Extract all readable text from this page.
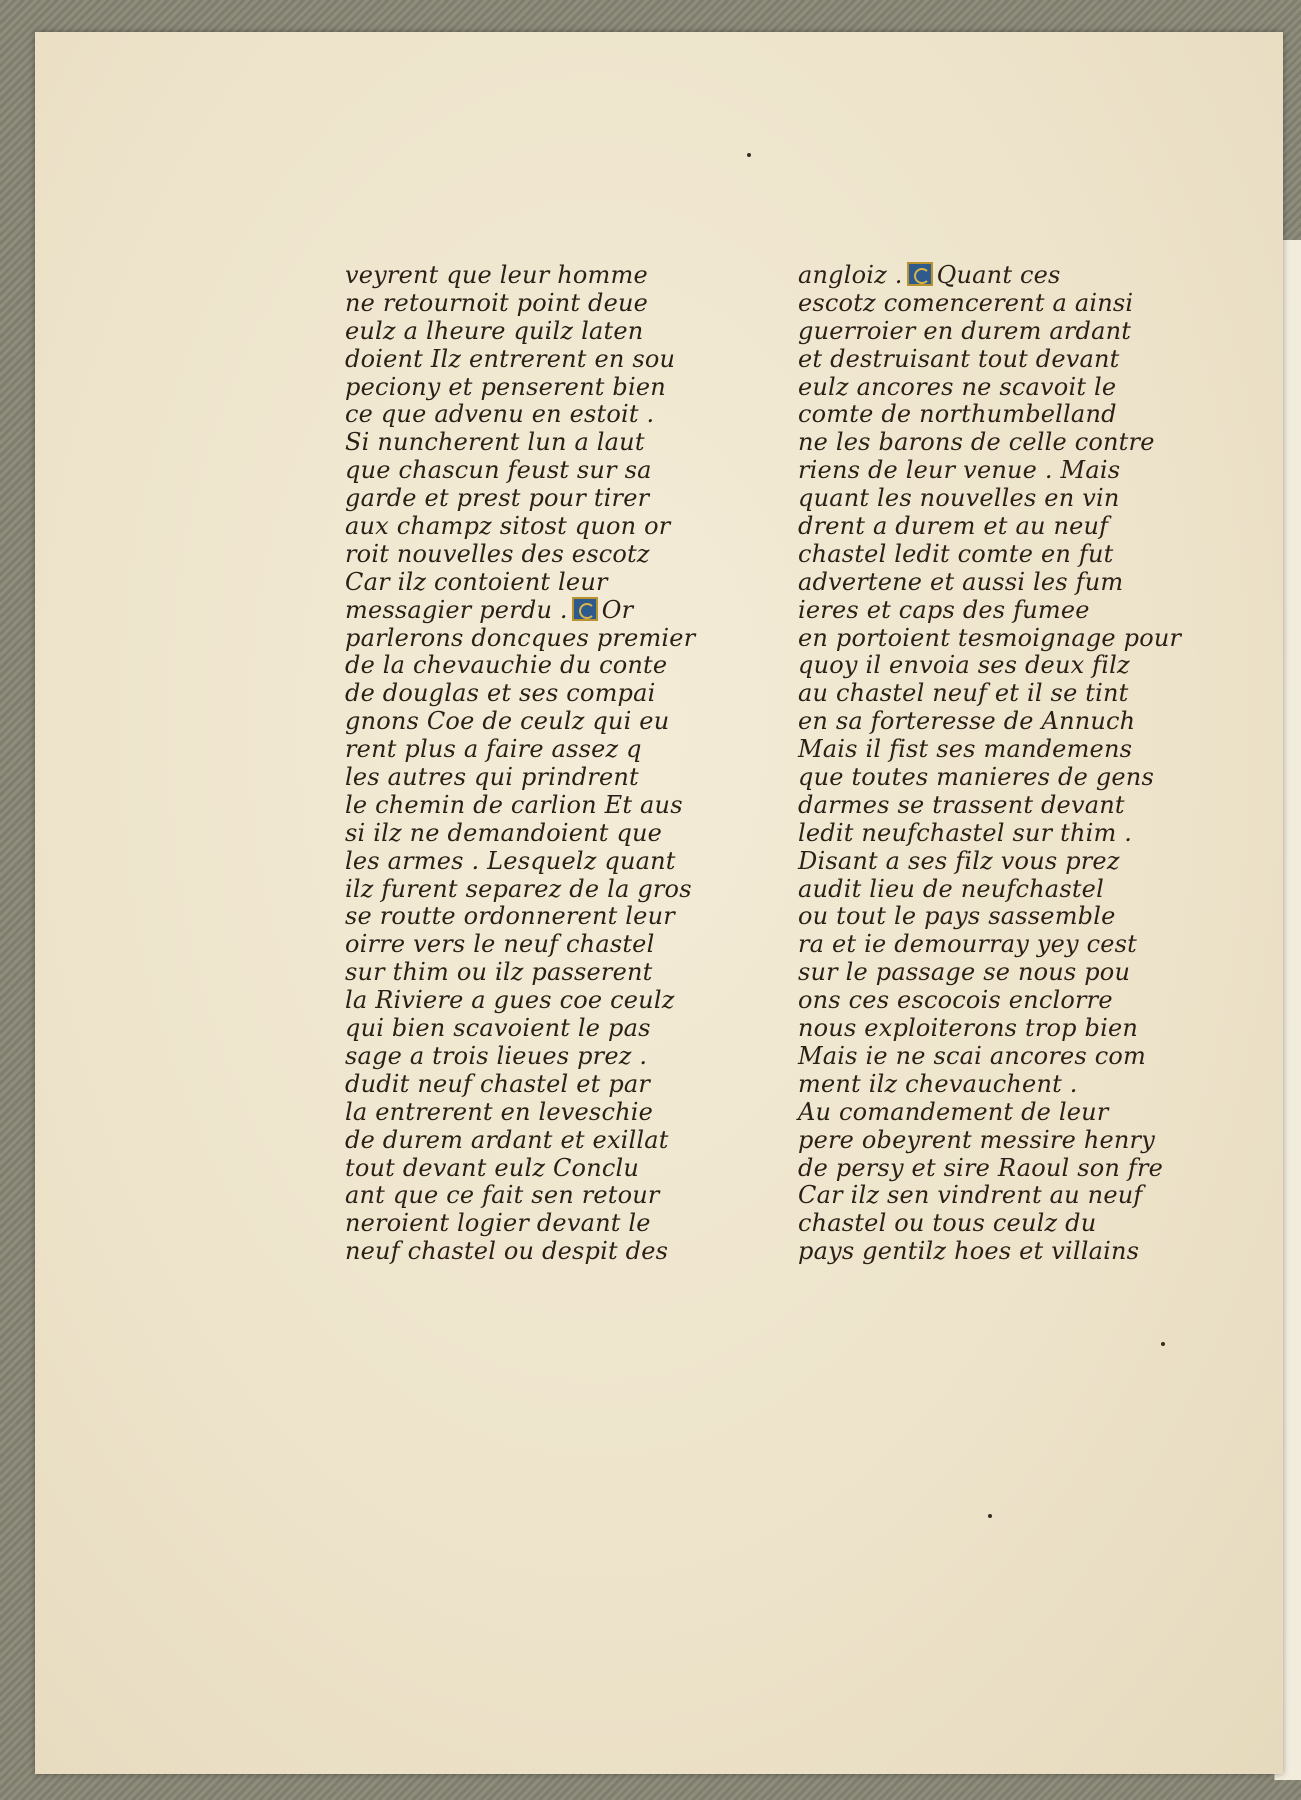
veyrent que leur homme
ne retournoit point deue
eulz a lheure quilz laten
doient Ilz entrerent en sou
peciony et penserent bien
ce que advenu en estoit .
Si nuncherent lun a laut
que chascun feust sur sa
garde et prest pour tirer
aux champz sitost quon or
roit nouvelles des escotz
Car ilz contoient leur
messagier perdu . Or
parlerons doncques premier
de la chevauchie du conte
de douglas et ses compai
gnons Coe de ceulz qui eu
rent plus a faire assez q
les autres qui prindrent
le chemin de carlion Et aus
si ilz ne demandoient que
les armes . Lesquelz quant
ilz furent separez de la gros
se routte ordonnerent leur
oirre vers le neuf chastel
sur thim ou ilz passerent
la Riviere a gues coe ceulz
qui bien scavoient le pas
sage a trois lieues prez .
dudit neuf chastel et par
la entrerent en leveschie
de durem ardant et exillat
tout devant eulz Conclu
ant que ce fait sen retour
neroient logier devant le
neuf chastel ou despit des
angloiz . Quant ces
escotz comencerent a ainsi
guerroier en durem ardant
et destruisant tout devant
eulz ancores ne scavoit le
comte de northumbelland
ne les barons de celle contre
riens de leur venue . Mais
quant les nouvelles en vin
drent a durem et au neuf
chastel ledit comte en fut
advertene et aussi les fum
ieres et caps des fumee
en portoient tesmoignage pour
quoy il envoia ses deux filz
au chastel neuf et il se tint
en sa forteresse de Annuch
Mais il fist ses mandemens
que toutes manieres de gens
darmes se trassent devant
ledit neufchastel sur thim .
Disant a ses filz vous prez
audit lieu de neufchastel
ou tout le pays sassemble
ra et ie demourray yey cest
sur le passage se nous pou
ons ces escocois enclorre
nous exploiterons trop bien
Mais ie ne scai ancores com
ment ilz chevauchent .
Au comandement de leur
pere obeyrent messire henry
de persy et sire Raoul son fre
Car ilz sen vindrent au neuf
chastel ou tous ceulz du
pays gentilz hoes et villains
